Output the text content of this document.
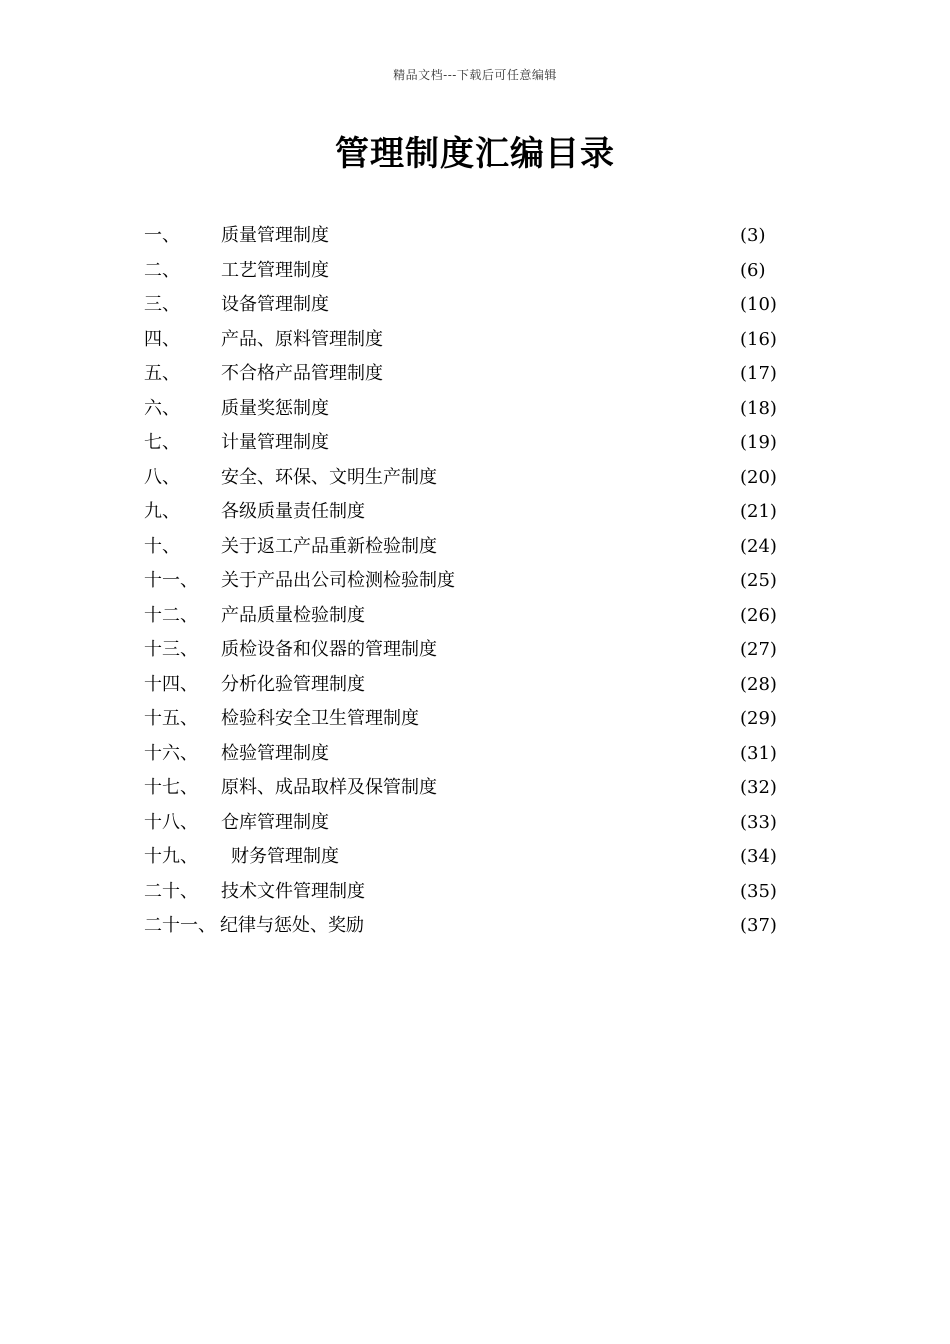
精品文档---下载后可任意编辑
管理制度汇编目录
一、 质量管理制度	(3)
二、 工艺管理制度	(6)
三、 设备管理制度	(10)
四、 产品、原料管理制度	(16)
五、 不合格产品管理制度	(17)
六、 质量奖惩制度	(18)
七、 计量管理制度	(19)
八、 安全、环保、文明生产制度	(20)
九、 各级质量责任制度	(21)
十、 关于返工产品重新检验制度	(24)
十一、 关于产品出公司检测检验制度	(25)
十二、 产品质量检验制度	(26)
十三、 质检设备和仪器的管理制度	(27)
十四、 分析化验管理制度	(28)
十五、 检验科安全卫生管理制度	(29)
十六、 检验管理制度	(31)
十七、 原料、成品取样及保管制度	(32)
十八、 仓库管理制度	(33)
十九、 财务管理制度	(34)
二十、 技术文件管理制度	(35)
二十一、 纪律与惩处、奖励	(37)
